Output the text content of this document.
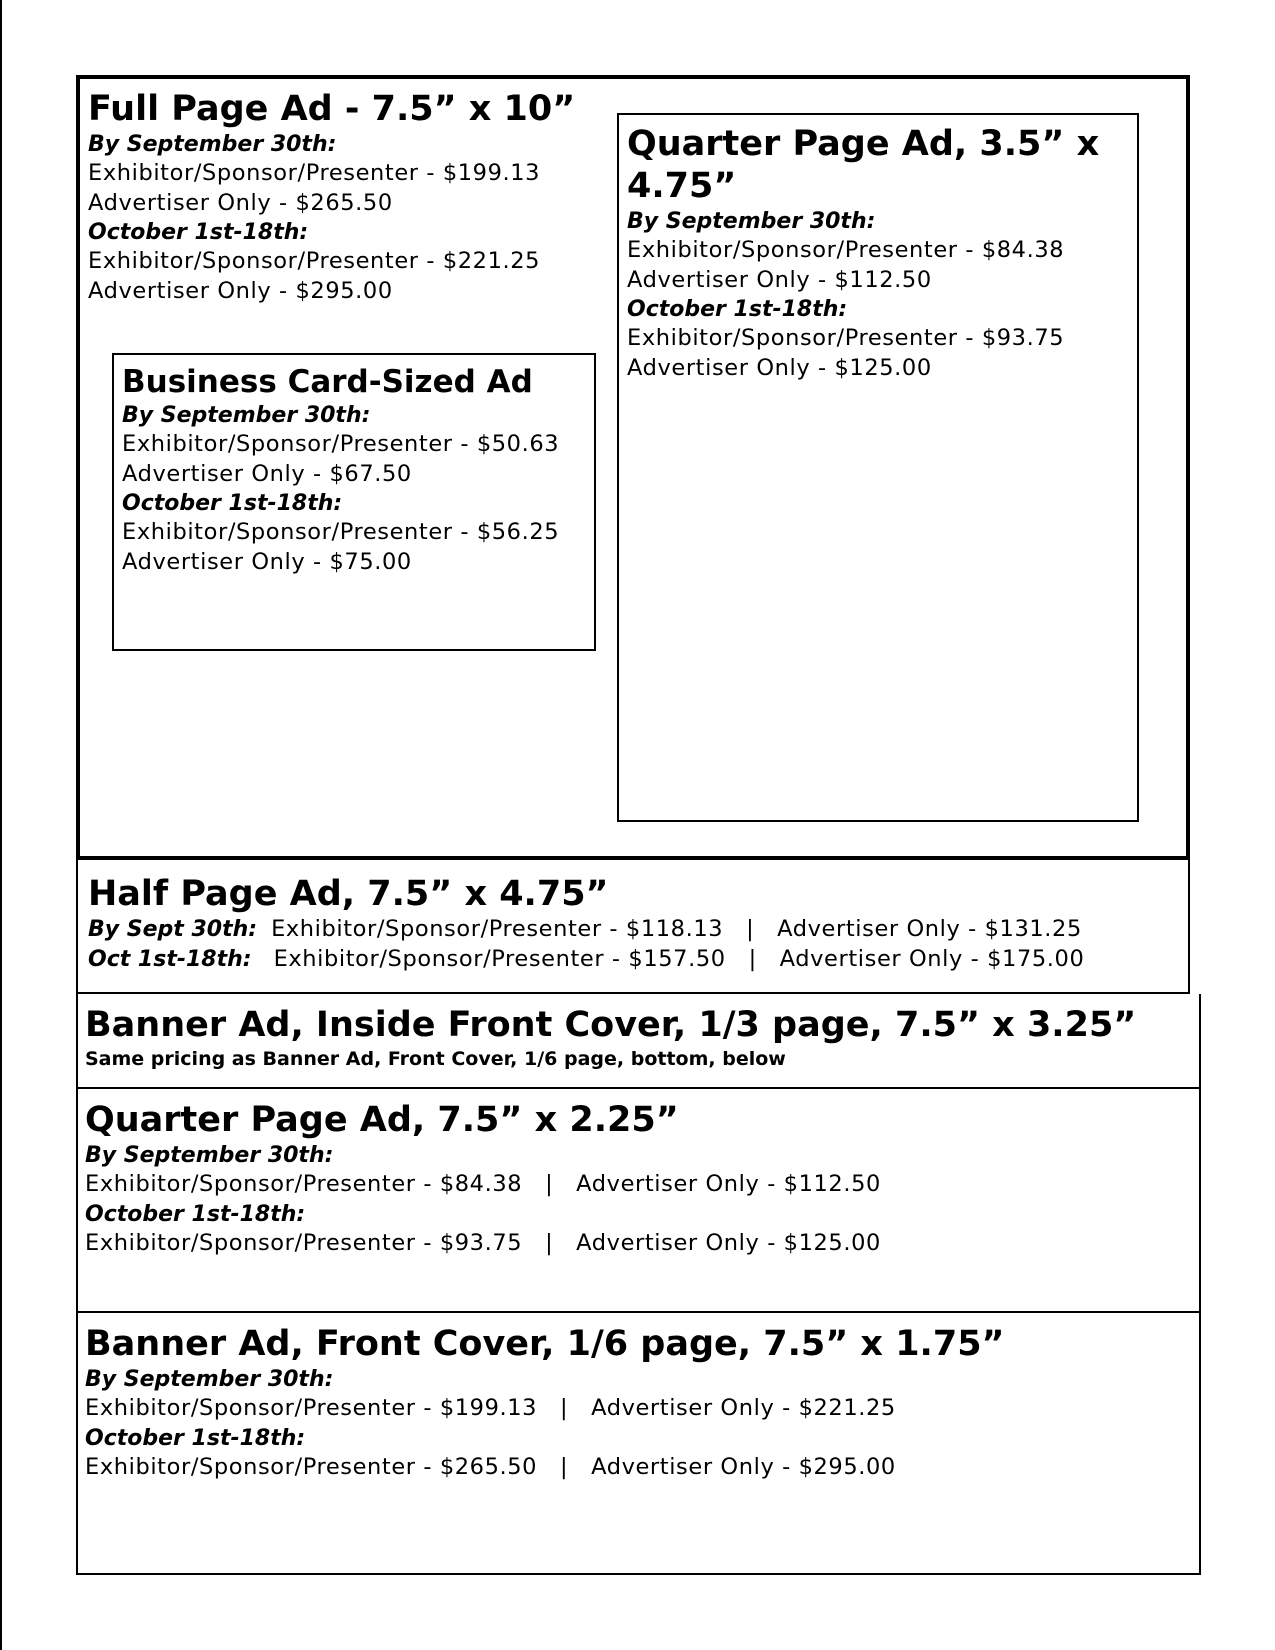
Full Page Ad - 7.5” x 10”
By September 30th:
Exhibitor/Sponsor/Presenter - $199.13
Advertiser Only - $265.50
October 1st-18th:
Exhibitor/Sponsor/Presenter - $221.25
Advertiser Only - $295.00
Business Card-Sized Ad
By September 30th:
Exhibitor/Sponsor/Presenter - $50.63
Advertiser Only - $67.50
October 1st-18th:
Exhibitor/Sponsor/Presenter - $56.25
Advertiser Only - $75.00
Quarter Page Ad, 3.5” x 4.75”
By September 30th:
Exhibitor/Sponsor/Presenter - $84.38
Advertiser Only - $112.50
October 1st-18th:
Exhibitor/Sponsor/Presenter - $93.75
Advertiser Only - $125.00
Half Page Ad, 7.5” x 4.75”
By Sept 30th: Exhibitor/Sponsor/Presenter - $118.13 | Advertiser Only - $131.25
Oct 1st-18th: Exhibitor/Sponsor/Presenter - $157.50 | Advertiser Only - $175.00
Banner Ad, Inside Front Cover, 1/3 page, 7.5” x 3.25”
Same pricing as Banner Ad, Front Cover, 1/6 page, bottom, below
Quarter Page Ad, 7.5” x 2.25”
By September 30th:
Exhibitor/Sponsor/Presenter - $84.38 | Advertiser Only - $112.50
October 1st-18th:
Exhibitor/Sponsor/Presenter - $93.75 | Advertiser Only - $125.00
Banner Ad, Front Cover, 1/6 page, 7.5” x 1.75”
By September 30th:
Exhibitor/Sponsor/Presenter - $199.13 | Advertiser Only - $221.25
October 1st-18th:
Exhibitor/Sponsor/Presenter - $265.50 | Advertiser Only - $295.00
